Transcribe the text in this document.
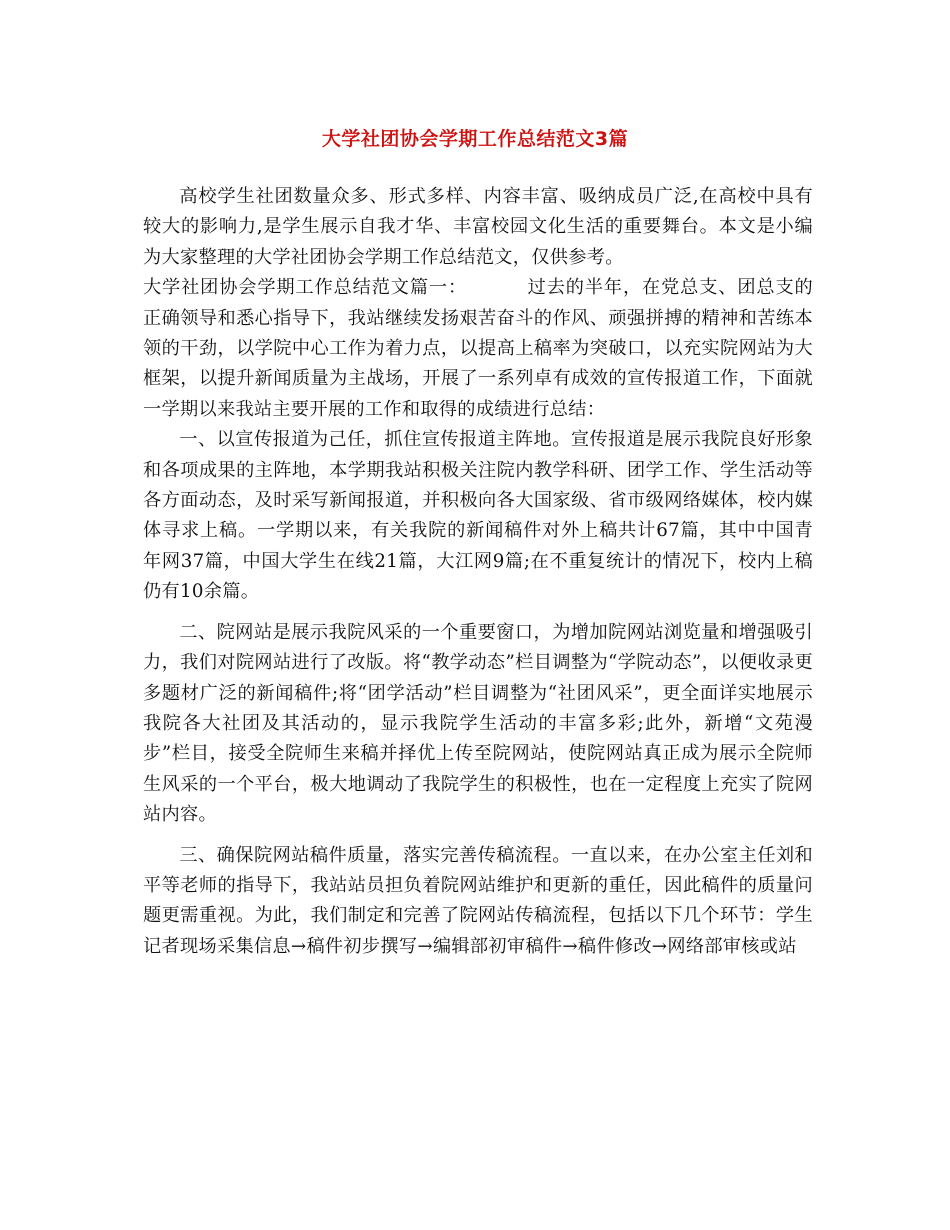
大学社团协会学期工作总结范文3篇

高校学生社团数量众多、形式多样、内容丰富、吸纳成员广泛,在高校中具有较大的影响力,是学生展示自我才华、丰富校园文化生活的重要舞台。本文是小编为大家整理的大学社团协会学期工作总结范文，仅供参考。

大学社团协会学期工作总结范文篇一：	过去的半年，在党总支、团总支的正确领导和悉心指导下，我站继续发扬艰苦奋斗的作风、顽强拼搏的精神和苦练本领的干劲，以学院中心工作为着力点，以提高上稿率为突破口，以充实院网站为大框架，以提升新闻质量为主战场，开展了一系列卓有成效的宣传报道工作，下面就一学期以来我站主要开展的工作和取得的成绩进行总结：

一、以宣传报道为己任，抓住宣传报道主阵地。宣传报道是展示我院良好形象和各项成果的主阵地，本学期我站积极关注院内教学科研、团学工作、学生活动等各方面动态，及时采写新闻报道，并积极向各大国家级、省市级网络媒体，校内媒体寻求上稿。一学期以来，有关我院的新闻稿件对外上稿共计67篇，其中中国青年网37篇，中国大学生在线21篇，大江网9篇;在不重复统计的情况下，校内上稿仍有10余篇。

二、院网站是展示我院风采的一个重要窗口，为增加院网站浏览量和增强吸引力，我们对院网站进行了改版。将“教学动态”栏目调整为“学院动态”，以便收录更多题材广泛的新闻稿件;将“团学活动”栏目调整为“社团风采”，更全面详实地展示我院各大社团及其活动的，显示我院学生活动的丰富多彩;此外，新增“文苑漫步”栏目，接受全院师生来稿并择优上传至院网站，使院网站真正成为展示全院师生风采的一个平台，极大地调动了我院学生的积极性，也在一定程度上充实了院网站内容。

三、确保院网站稿件质量，落实完善传稿流程。一直以来，在办公室主任刘和平等老师的指导下，我站站员担负着院网站维护和更新的重任，因此稿件的质量问题更需重视。为此，我们制定和完善了院网站传稿流程，包括以下几个环节：学生记者现场采集信息→稿件初步撰写→编辑部初审稿件→稿件修改→网络部审核或站
